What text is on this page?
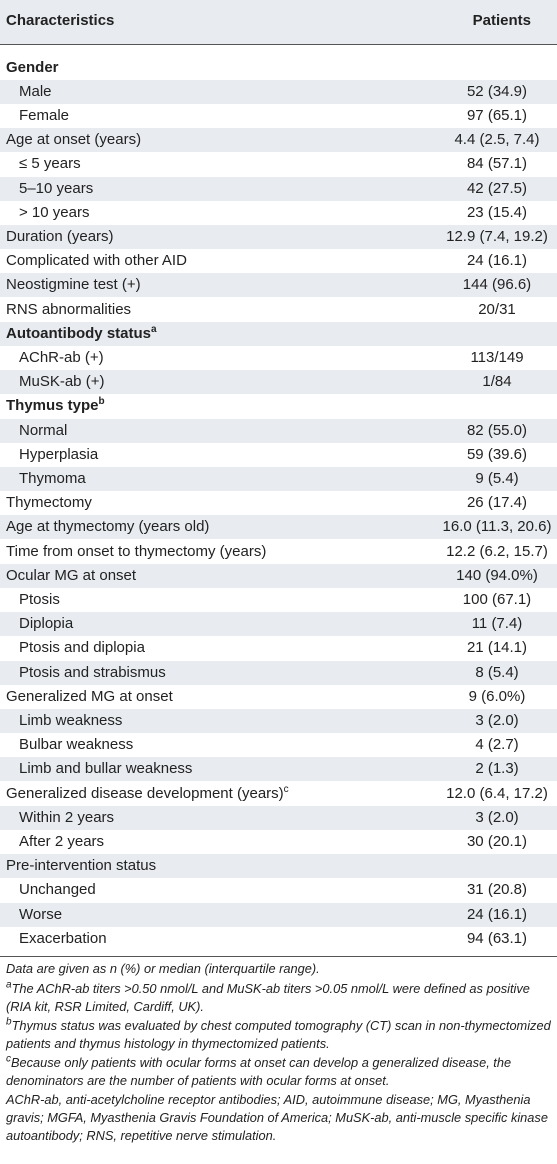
Characteristics	Patients
Gender
Male	52 (34.9)
Female	97 (65.1)
Age at onset (years)	4.4 (2.5, 7.4)
≤ 5 years	84 (57.1)
5–10 years	42 (27.5)
> 10 years	23 (15.4)
Duration (years)	12.9 (7.4, 19.2)
Complicated with other AID	24 (16.1)
Neostigmine test (+)	144 (96.6)
RNS abnormalities	20/31
Autoantibody status$^a$
AChR-ab (+)	113/149
MuSK-ab (+)	1/84
Thymus type$^b$
Normal	82 (55.0)
Hyperplasia	59 (39.6)
Thymoma	9 (5.4)
Thymectomy	26 (17.4)
Age at thymectomy (years old)	16.0 (11.3, 20.6)
Time from onset to thymectomy (years)	12.2 (6.2, 15.7)
Ocular MG at onset	140 (94.0%)
Ptosis	100 (67.1)
Diplopia	11 (7.4)
Ptosis and diplopia	21 (14.1)
Ptosis and strabismus	8 (5.4)
Generalized MG at onset	9 (6.0%)
Limb weakness	3 (2.0)
Bulbar weakness	4 (2.7)
Limb and bullar weakness	2 (1.3)
Generalized disease development (years)$^c$	12.0 (6.4, 17.2)
Within 2 years	3 (2.0)
After 2 years	30 (20.1)
Pre-intervention status
Unchanged	31 (20.8)
Worse	24 (16.1)
Exacerbation	94 (63.1)
Data are given as n (%) or median (interquartile range).
$^a$The AChR-ab titers >0.50 nmol/L and MuSK-ab titers >0.05 nmol/L were defined as positive (RIA kit, RSR Limited, Cardiff, UK).
$^b$Thymus status was evaluated by chest computed tomography (CT) scan in non-thymectomized patients and thymus histology in thymectomized patients.
$^c$Because only patients with ocular forms at onset can develop a generalized disease, the denominators are the number of patients with ocular forms at onset.
AChR-ab, anti-acetylcholine receptor antibodies; AID, autoimmune disease; MG, Myasthenia gravis; MGFA, Myasthenia Gravis Foundation of America; MuSK-ab, anti-muscle specific kinase autoantibody; RNS, repetitive nerve stimulation.
